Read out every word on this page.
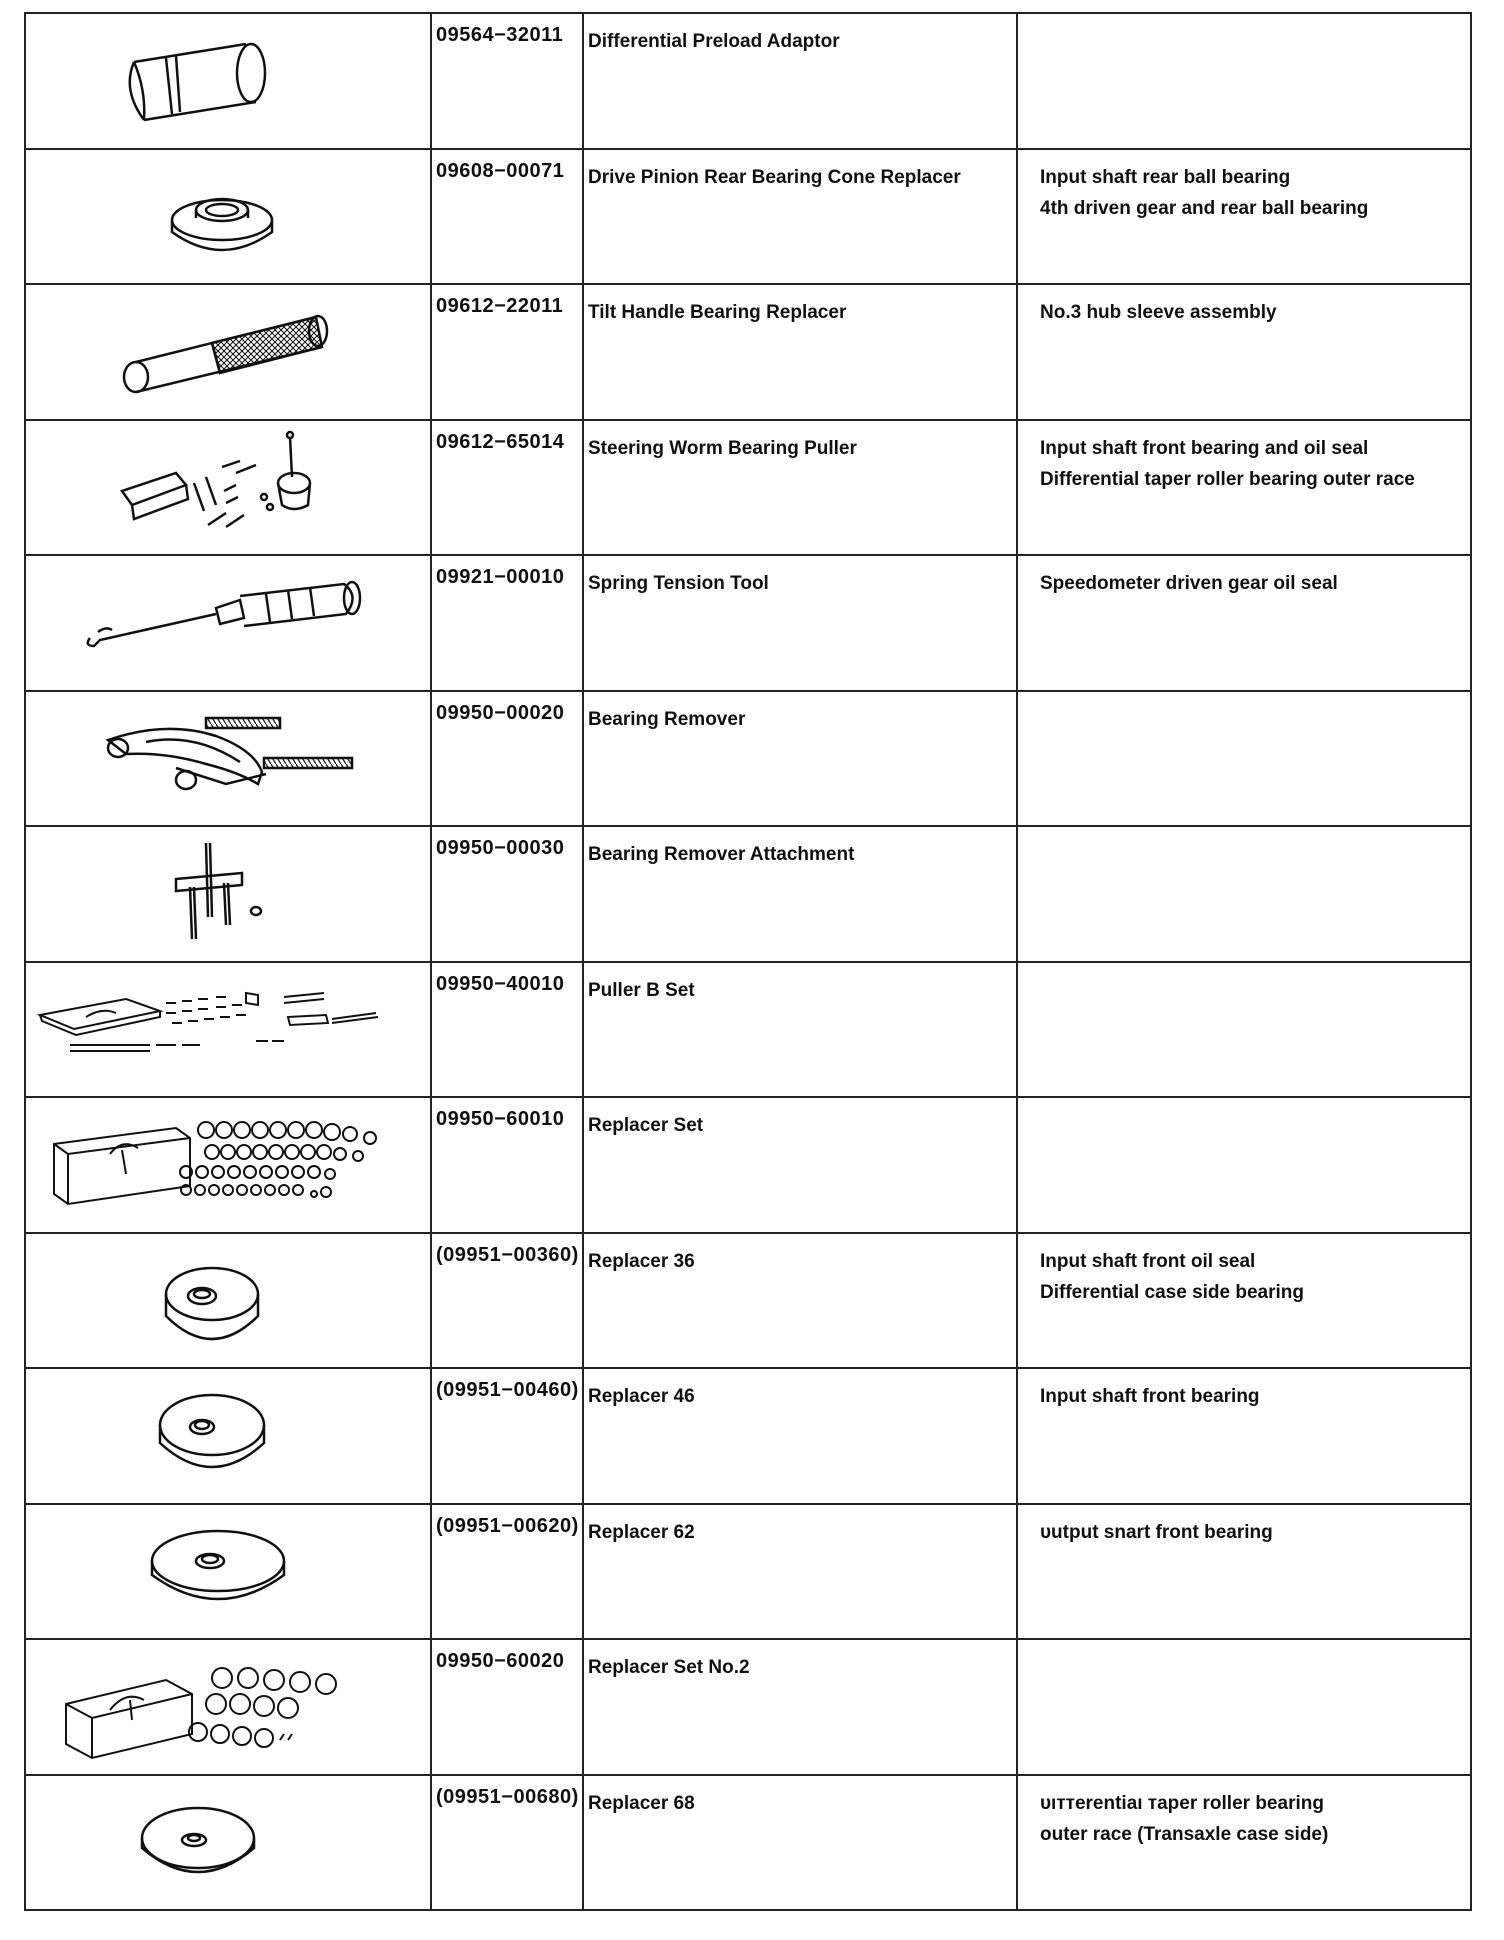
	09564−32011	Differential Preload Adaptor	

	09608−00071	Drive Pinion Rear Bearing Cone Replacer	Input shaft rear ball bearing
4th driven gear and rear ball bearing

	09612−22011	Tilt Handle Bearing Replacer	No.3 hub sleeve assembly

	09612−65014	Steering Worm Bearing Puller	Input shaft front bearing and oil seal
Differential taper roller bearing outer race

	09921−00010	Spring Tension Tool	Speedometer driven gear oil seal

	09950−00020	Bearing Remover	

	09950−00030	Bearing Remover Attachment	

	09950−40010	Puller B Set	

	09950−60010	Replacer Set	

	(09951−00360)	Replacer 36	Input shaft front oil seal
Differential case side bearing

	(09951−00460)	Replacer 46	Input shaft front bearing

	(09951−00620)	Replacer 62	υutput snart front bearing

	09950−60020	Replacer Set No.2	

	(09951−00680)	Replacer 68	υıттerentiaı тaper roller bearing
outer race (Transaxle case side)
